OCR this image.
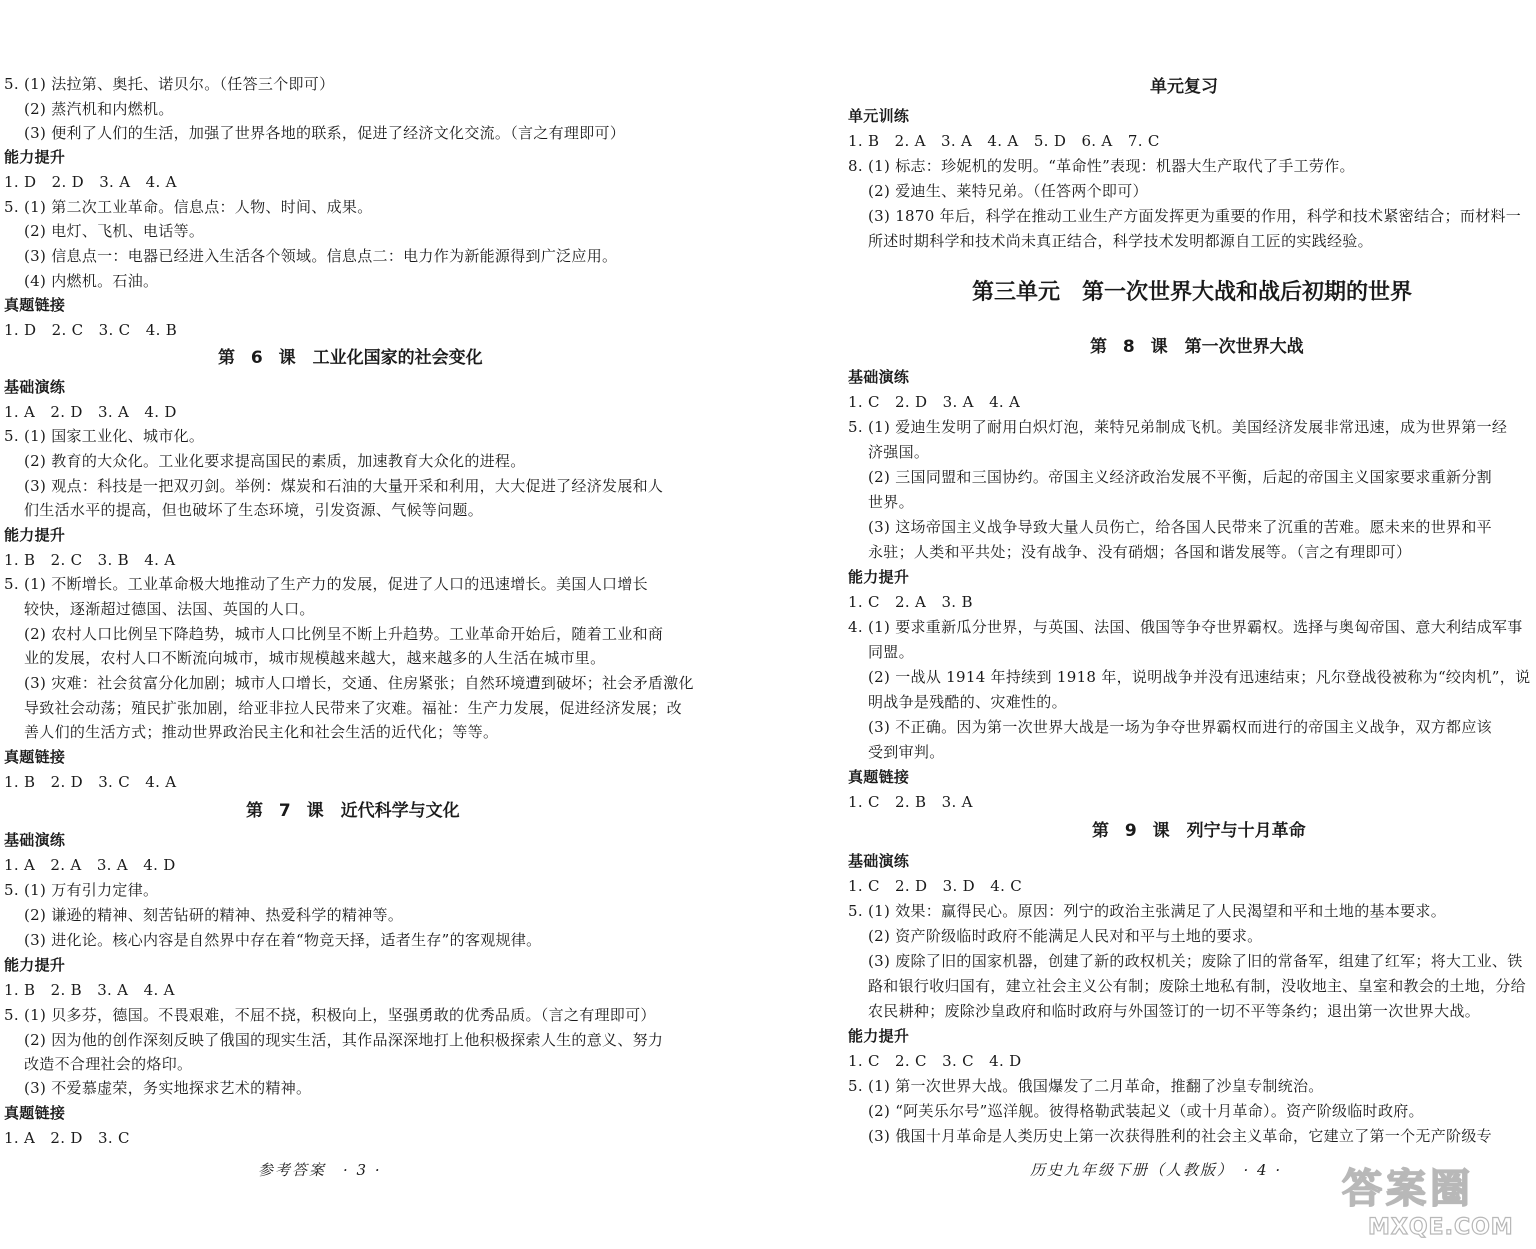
5. (1) 法拉第、奥托、诺贝尔。（任答三个即可）
(2) 蒸汽机和内燃机。
(3) 便利了人们的生活，加强了世界各地的联系，促进了经济文化交流。（言之有理即可）
能力提升
1. D　2. D　3. A　4. A
5. (1) 第二次工业革命。信息点：人物、时间、成果。
(2) 电灯、飞机、电话等。
(3) 信息点一：电器已经进入生活各个领域。信息点二：电力作为新能源得到广泛应用。
(4) 内燃机。石油。
真题链接
1. D　2. C　3. C　4. B
第 6 课　工业化国家的社会变化
基础演练
1. A　2. D　3. A　4. D
5. (1) 国家工业化、城市化。
(2) 教育的大众化。工业化要求提高国民的素质，加速教育大众化的进程。
(3) 观点：科技是一把双刃剑。举例：煤炭和石油的大量开采和利用，大大促进了经济发展和人
们生活水平的提高，但也破坏了生态环境，引发资源、气候等问题。
能力提升
1. B　2. C　3. B　4. A
5. (1) 不断增长。工业革命极大地推动了生产力的发展，促进了人口的迅速增长。美国人口增长
较快，逐渐超过德国、法国、英国的人口。
(2) 农村人口比例呈下降趋势，城市人口比例呈不断上升趋势。工业革命开始后，随着工业和商
业的发展，农村人口不断流向城市，城市规模越来越大，越来越多的人生活在城市里。
(3) 灾难：社会贫富分化加剧；城市人口增长，交通、住房紧张；自然环境遭到破坏；社会矛盾激化
导致社会动荡；殖民扩张加剧，给亚非拉人民带来了灾难。福祉：生产力发展，促进经济发展；改
善人们的生活方式；推动世界政治民主化和社会生活的近代化；等等。
真题链接
1. B　2. D　3. C　4. A
第 7 课　近代科学与文化
基础演练
1. A　2. A　3. A　4. D
5. (1) 万有引力定律。
(2) 谦逊的精神、刻苦钻研的精神、热爱科学的精神等。
(3) 进化论。核心内容是自然界中存在着“物竞天择，适者生存”的客观规律。
能力提升
1. B　2. B　3. A　4. A
5. (1) 贝多芬，德国。不畏艰难，不屈不挠，积极向上，坚强勇敢的优秀品质。（言之有理即可）
(2) 因为他的创作深刻反映了俄国的现实生活，其作品深深地打上他积极探索人生的意义、努力
改造不合理社会的烙印。
(3) 不爱慕虚荣，务实地探求艺术的精神。
真题链接
1. A　2. D　3. C
参考答案　· 3 ·
单元复习
单元训练
1. B　2. A　3. A　4. A　5. D　6. A　7. C
8. (1) 标志：珍妮机的发明。“革命性”表现：机器大生产取代了手工劳作。
(2) 爱迪生、莱特兄弟。（任答两个即可）
(3) 1870 年后，科学在推动工业生产方面发挥更为重要的作用，科学和技术紧密结合；而材料一
所述时期科学和技术尚未真正结合，科学技术发明都源自工匠的实践经验。
第三单元　第一次世界大战和战后初期的世界
第 8 课　第一次世界大战
基础演练
1. C　2. D　3. A　4. A
5. (1) 爱迪生发明了耐用白炽灯泡，莱特兄弟制成飞机。美国经济发展非常迅速，成为世界第一经
济强国。
(2) 三国同盟和三国协约。帝国主义经济政治发展不平衡，后起的帝国主义国家要求重新分割
世界。
(3) 这场帝国主义战争导致大量人员伤亡，给各国人民带来了沉重的苦难。愿未来的世界和平
永驻；人类和平共处；没有战争、没有硝烟；各国和谐发展等。（言之有理即可）
能力提升
1. C　2. A　3. B
4. (1) 要求重新瓜分世界，与英国、法国、俄国等争夺世界霸权。选择与奥匈帝国、意大利结成军事
同盟。
(2) 一战从 1914 年持续到 1918 年，说明战争并没有迅速结束；凡尔登战役被称为“绞肉机”，说
明战争是残酷的、灾难性的。
(3) 不正确。因为第一次世界大战是一场为争夺世界霸权而进行的帝国主义战争，双方都应该
受到审判。
真题链接
1. C　2. B　3. A
第 9 课　列宁与十月革命
基础演练
1. C　2. D　3. D　4. C
5. (1) 效果：赢得民心。原因：列宁的政治主张满足了人民渴望和平和土地的基本要求。
(2) 资产阶级临时政府不能满足人民对和平与土地的要求。
(3) 废除了旧的国家机器，创建了新的政权机关；废除了旧的常备军，组建了红军；将大工业、铁
路和银行收归国有，建立社会主义公有制；废除土地私有制，没收地主、皇室和教会的土地，分给
农民耕种；废除沙皇政府和临时政府与外国签订的一切不平等条约；退出第一次世界大战。
能力提升
1. C　2. C　3. C　4. D
5. (1) 第一次世界大战。俄国爆发了二月革命，推翻了沙皇专制统治。
(2) “阿芙乐尔号”巡洋舰。彼得格勒武装起义（或十月革命）。资产阶级临时政府。
(3) 俄国十月革命是人类历史上第一次获得胜利的社会主义革命，它建立了第一个无产阶级专
历史九年级下册（人教版）　· 4 · 答案圈
MXQE.COM
